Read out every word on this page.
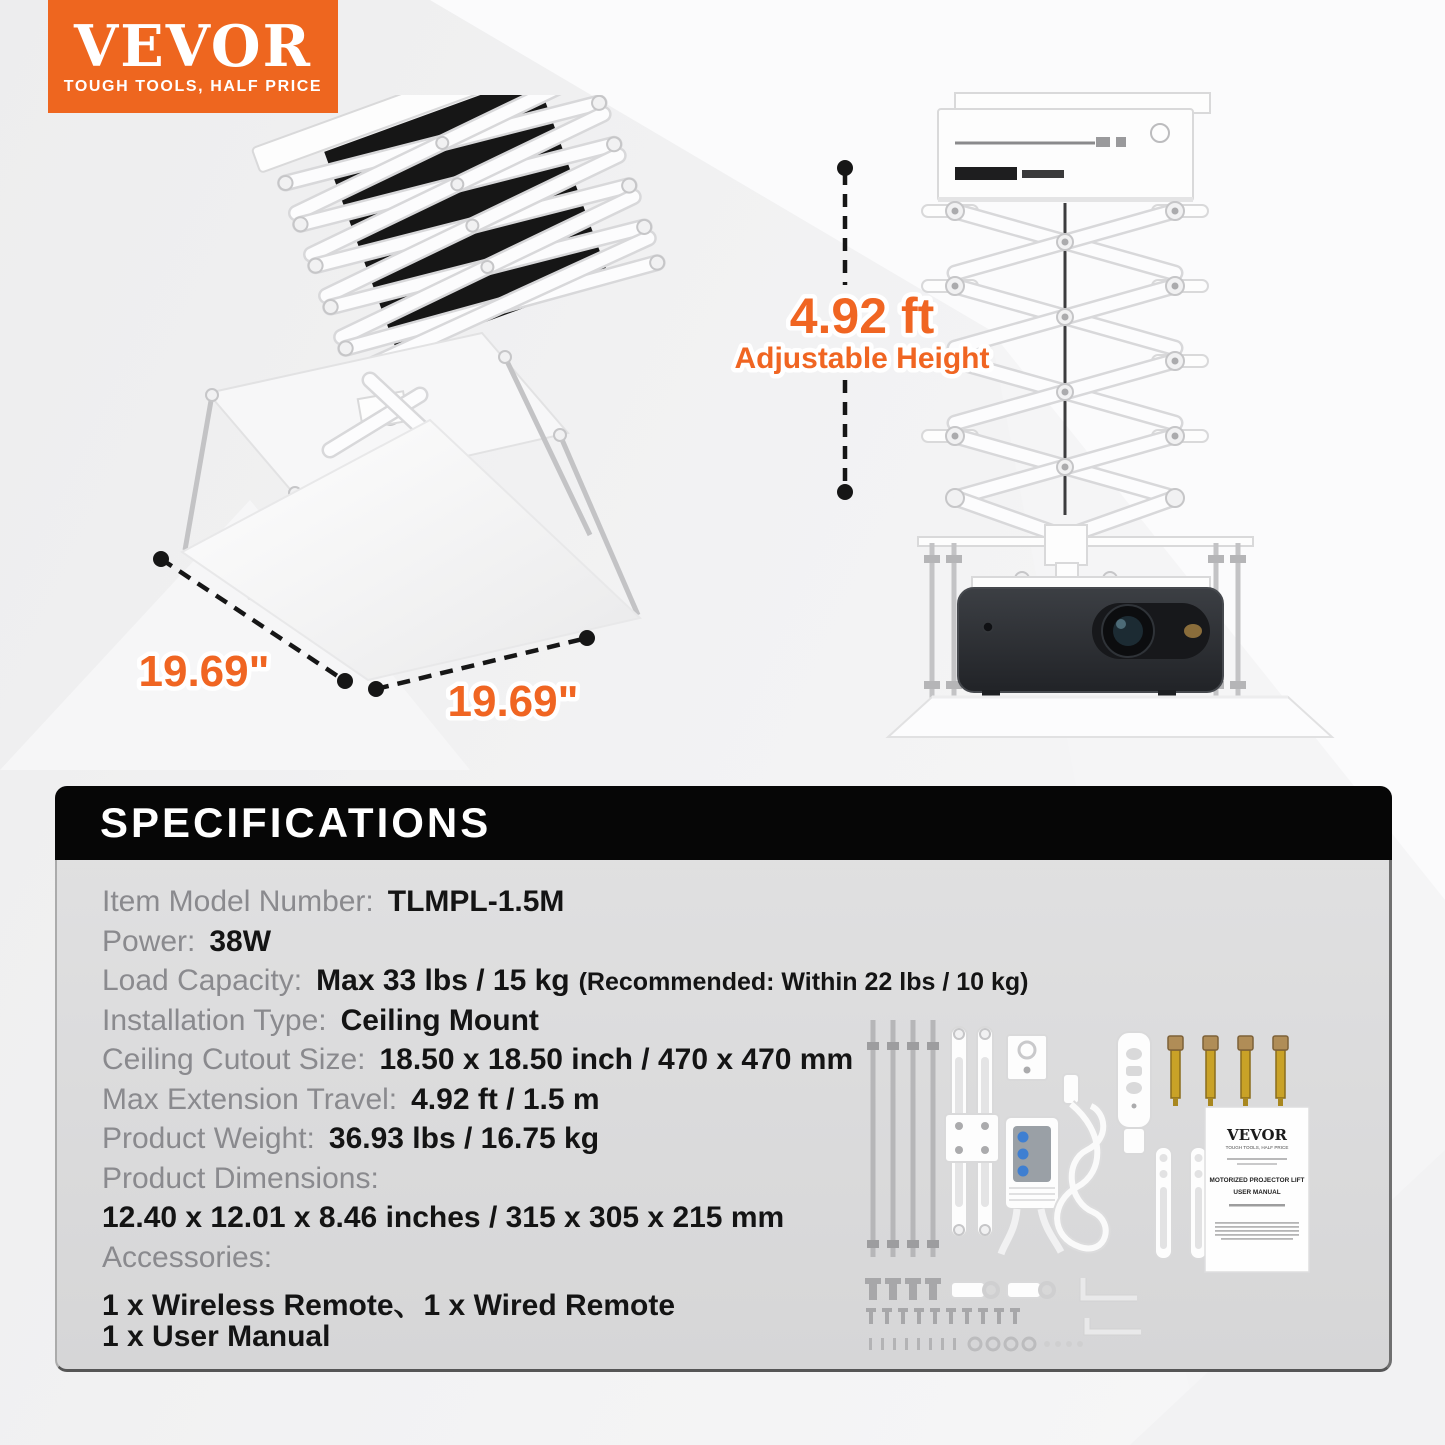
VEVOR
TOUGH TOOLS, HALF PRICE
19.69"
19.69"
4.92 ft
Adjustable Height
SPECIFICATIONS
Item Model Number: TLMPL-1.5M
Power: 38W
Load Capacity: Max 33 lbs / 15 kg (Recommended: Within 22 lbs / 10 kg)
Installation Type: Ceiling Mount
Ceiling Cutout Size: 18.50 x 18.50 inch / 470 x 470 mm
Max Extension Travel: 4.92 ft / 1.5 m
Product Weight: 36.93 lbs / 16.75 kg
Product Dimensions:
12.40 x 12.01 x 8.46 inches / 315 x 305 x 215 mm
Accessories:
1 x Wireless Remote、1 x Wired Remote
1 x User Manual
VEVOR
TOUGH TOOLS, HALF PRICE
MOTORIZED PROJECTOR LIFT
USER MANUAL
